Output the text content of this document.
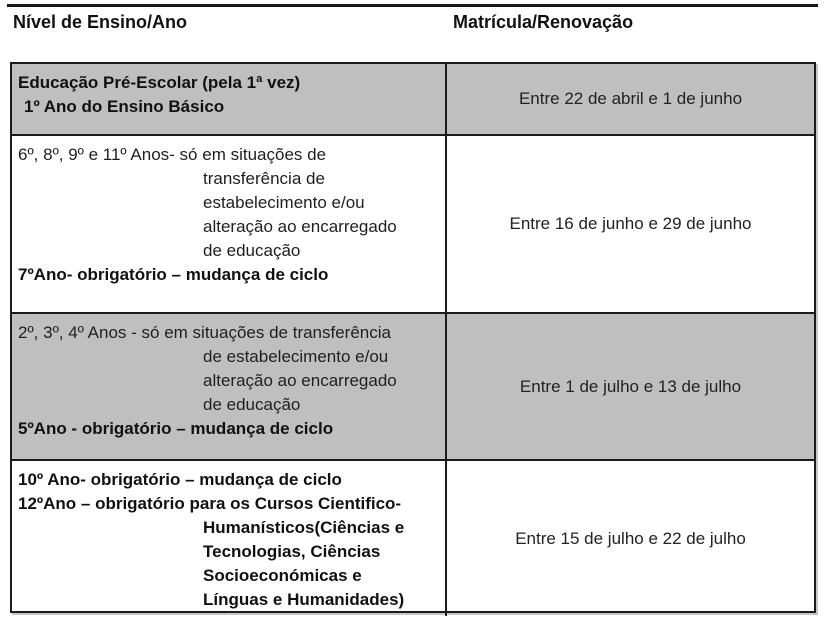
Nível de Ensino/Ano	Matrícula/Renovação
Educação Pré-Escolar (pela 1ª vez)
1º Ano do Ensino Básico	Entre 22 de abril e 1 de junho
6º, 8º, 9º e 11º Anos- só em situações de
transferência de
estabelecimento e/ou
alteração ao encarregado
de educação
7ºAno- obrigatório – mudança de ciclo
Entre 16 de junho e 29 de junho
2º, 3º, 4º Anos - só em situações de transferência
de estabelecimento e/ou
alteração ao encarregado
de educação
5ºAno - obrigatório – mudança de ciclo
Entre 1 de julho e 13 de julho
10º Ano- obrigatório – mudança de ciclo
12ºAno – obrigatório para os Cursos Cientifico-
Humanísticos(Ciências e
Tecnologias, Ciências
Socioeconómicas e
Línguas e Humanidades)
Entre 15 de julho e 22 de julho
